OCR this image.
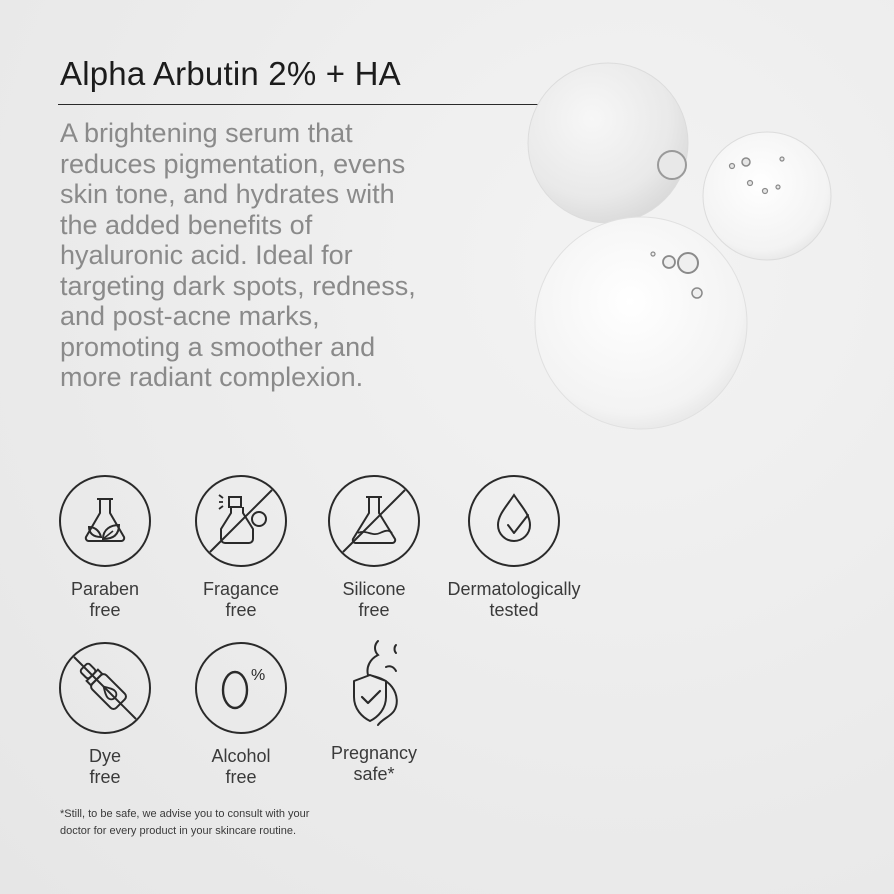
Alpha Arbutin 2% + HA
A brightening serum that
reduces pigmentation, evens
skin tone, and hydrates with
the added benefits of
hyaluronic acid. Ideal for
targeting dark spots, redness,
and post-acne marks,
promoting a smoother and
more radiant complexion.
Paraben
free
Fragance
free
Silicone
free
Dermatologically
tested
Dye
free
%
Alcohol
free
Pregnancy
safe*
*Still, to be safe, we advise you to consult with your
doctor for every product in your skincare routine.
